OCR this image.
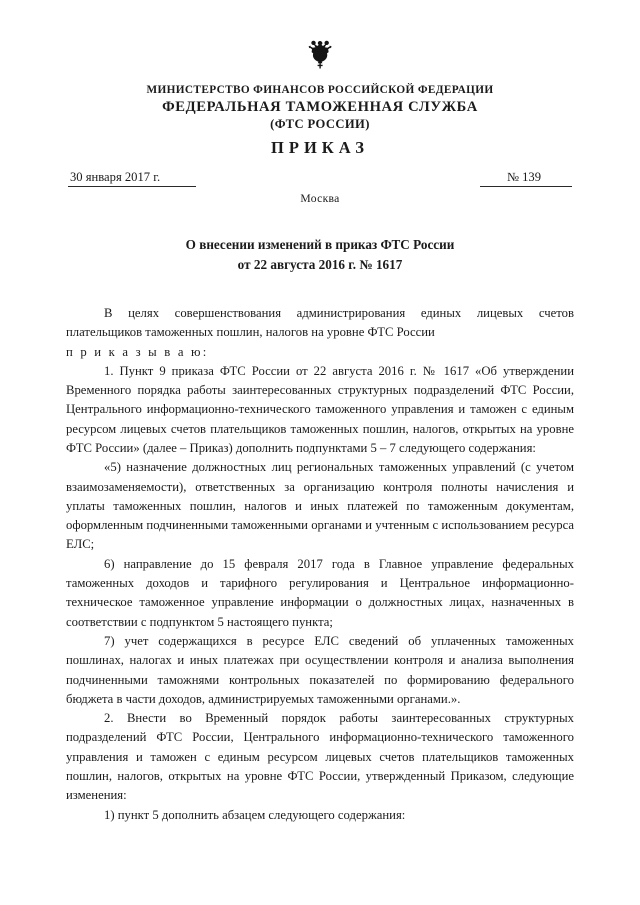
МИНИСТЕРСТВО ФИНАНСОВ РОССИЙСКОЙ ФЕДЕРАЦИИ
ФЕДЕРАЛЬНАЯ ТАМОЖЕННАЯ СЛУЖБА
(ФТС РОССИИ)
ПРИКАЗ
30 января 2017 г.	№ 139
Москва
О внесении изменений в приказ ФТС России
от 22 августа 2016 г. № 1617

В целях совершенствования администрирования единых лицевых счетов плательщиков таможенных пошлин, налогов на уровне ФТС России

п р и к а з ы в а ю:

1. Пункт 9 приказа ФТС России от 22 августа 2016 г. № 1617 «Об утверждении Временного порядка работы заинтересованных структурных подразделений ФТС России, Центрального информационно-технического таможенного управления и таможен с единым ресурсом лицевых счетов плательщиков таможенных пошлин, налогов, открытых на уровне ФТС России» (далее – Приказ) дополнить подпунктами 5 – 7 следующего содержания:

«5) назначение должностных лиц региональных таможенных управлений (с учетом взаимозаменяемости), ответственных за организацию контроля полноты начисления и уплаты таможенных пошлин, налогов и иных платежей по таможенным документам, оформленным подчиненными таможенными органами и учтенным с использованием ресурса ЕЛС;

6) направление до 15 февраля 2017 года в Главное управление федеральных таможенных доходов и тарифного регулирования и Центральное информационно-техническое таможенное управление информации о должностных лицах, назначенных в соответствии с подпунктом 5 настоящего пункта;

7) учет содержащихся в ресурсе ЕЛС сведений об уплаченных таможенных пошлинах, налогах и иных платежах при осуществлении контроля и анализа выполнения подчиненными таможнями контрольных показателей по формированию федерального бюджета в части доходов, администрируемых таможенными органами.».

2. Внести во Временный порядок работы заинтересованных структурных подразделений ФТС России, Центрального информационно-технического таможенного управления и таможен с единым ресурсом лицевых счетов плательщиков таможенных пошлин, налогов, открытых на уровне ФТС России, утвержденный Приказом, следующие изменения:

1) пункт 5 дополнить абзацем следующего содержания:
